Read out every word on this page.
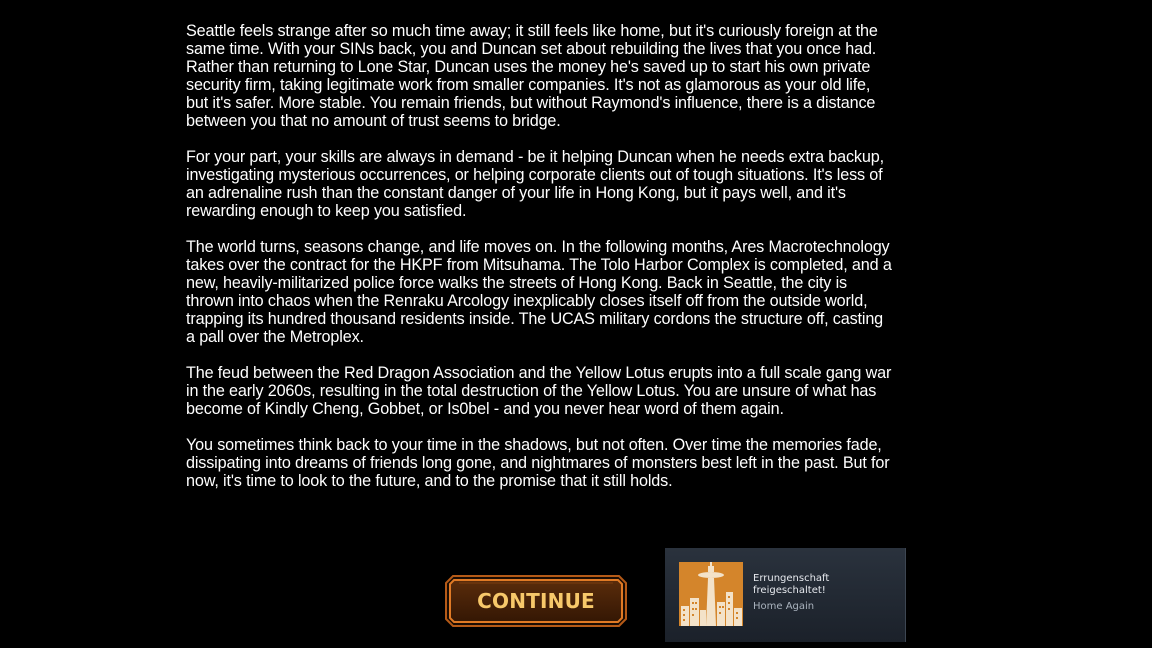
Seattle feels strange after so much time away; it still feels like home, but it's curiously foreign at the same time. With your SINs back, you and Duncan set about rebuilding the lives that you once had. Rather than returning to Lone Star, Duncan uses the money he's saved up to start his own private security firm, taking legitimate work from smaller companies. It's not as glamorous as your old life, but it's safer. More stable. You remain friends, but without Raymond's influence, there is a distance between you that no amount of trust seems to bridge.

For your part, your skills are always in demand - be it helping Duncan when he needs extra backup, investigating mysterious occurrences, or helping corporate clients out of tough situations. It's less of an adrenaline rush than the constant danger of your life in Hong Kong, but it pays well, and it's rewarding enough to keep you satisfied.

The world turns, seasons change, and life moves on. In the following months, Ares Macrotechnology takes over the contract for the HKPF from Mitsuhama. The Tolo Harbor Complex is completed, and a new, heavily-militarized police force walks the streets of Hong Kong. Back in Seattle, the city is thrown into chaos when the Renraku Arcology inexplicably closes itself off from the outside world, trapping its hundred thousand residents inside. The UCAS military cordons the structure off, casting a pall over the Metroplex.

The feud between the Red Dragon Association and the Yellow Lotus erupts into a full scale gang war in the early 2060s, resulting in the total destruction of the Yellow Lotus. You are unsure of what has become of Kindly Cheng, Gobbet, or Is0bel - and you never hear word of them again.

You sometimes think back to your time in the shadows, but not often. Over time the memories fade, dissipating into dreams of friends long gone, and nightmares of monsters best left in the past. But for now, it's time to look to the future, and to the promise that it still holds.

CONTINUE
Errungenschaft freigeschaltet!
Home Again
